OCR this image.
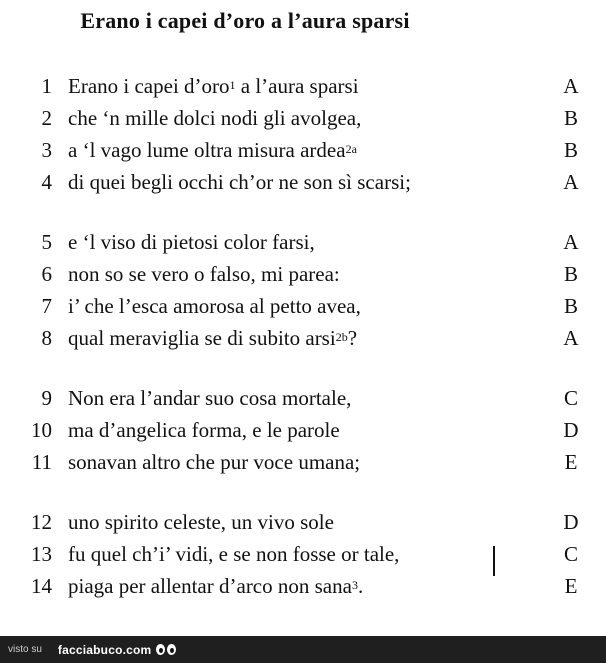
Erano i capei d’oro a l’aura sparsi
1 Erano i capei d’oro$^1$ a l’aura sparsi	A
2 che ‘n mille dolci nodi gli avolgea,	B
3 a ‘l vago lume oltra misura ardea$^{2a}$	B
4 di quei begli occhi ch’or ne son sì scarsi;	A
5 e ‘l viso di pietosi color farsi,	A
6 non so se vero o falso, mi parea:	B
7 i’ che l’esca amorosa al petto avea,	B
8 qual meraviglia se di subito arsi$^{2b}$?	A
9 Non era l’andar suo cosa mortale,	C
10 ma d’angelica forma, e le parole	D
11 sonavan altro che pur voce umana;	E
12 uno spirito celeste, un vivo sole	D
13 fu quel ch’i’ vidi, e se non fosse or tale,	C
14 piaga per allentar d’arco non sana$^3$.	E
visto su facciabuco.com
